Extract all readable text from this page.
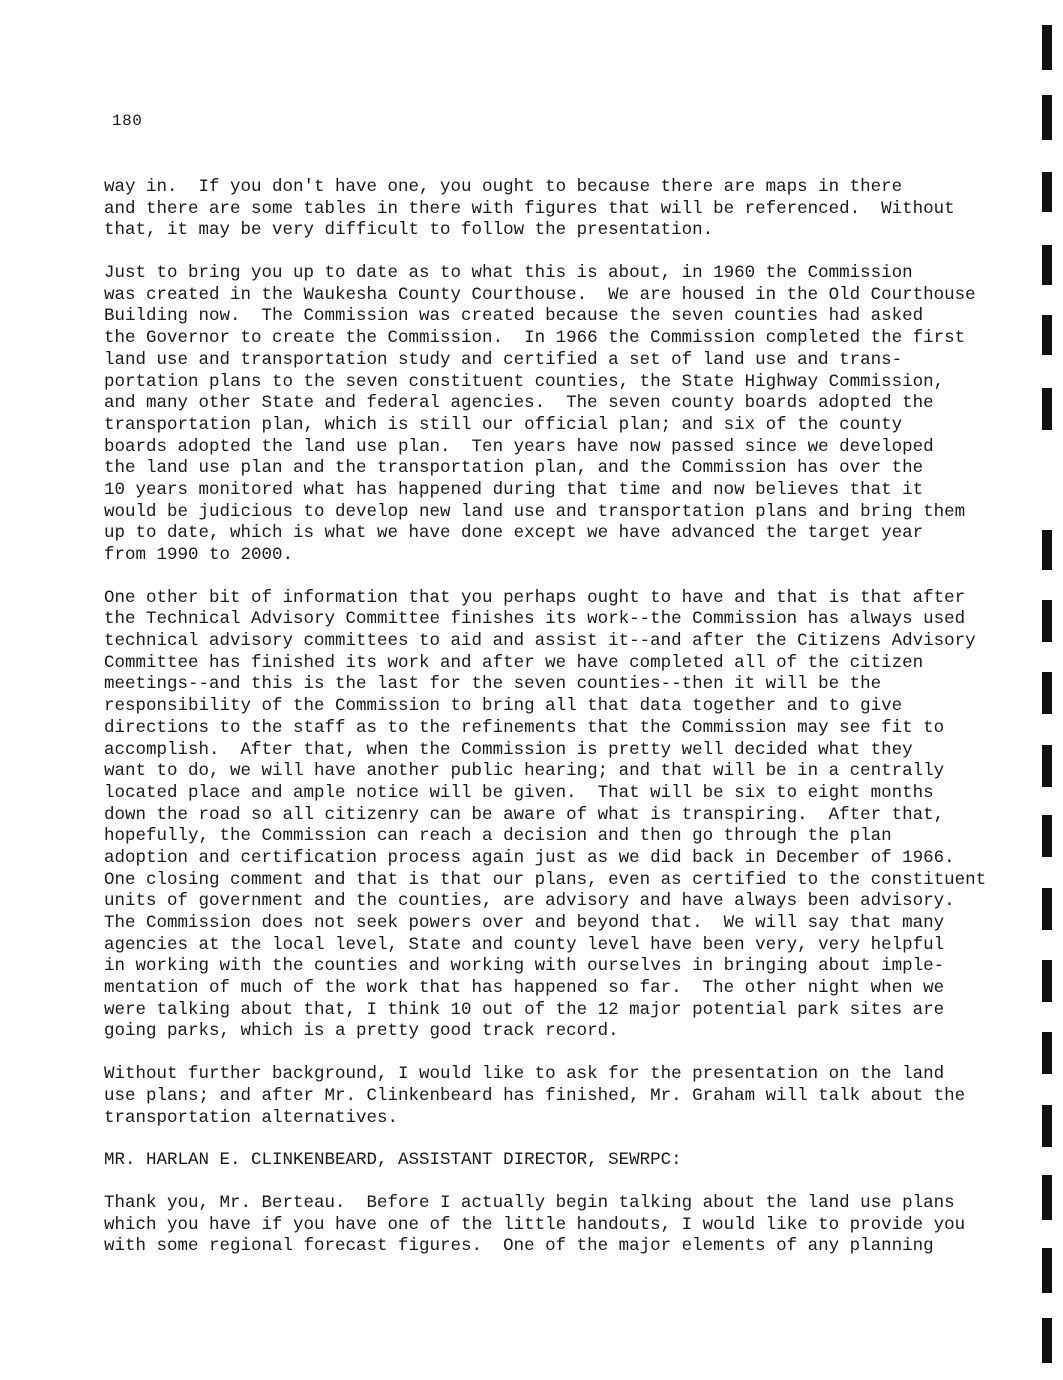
180
way in.  If you don't have one, you ought to because there are maps in there
and there are some tables in there with figures that will be referenced.  Without
that, it may be very difficult to follow the presentation.
Just to bring you up to date as to what this is about, in 1960 the Commission
was created in the Waukesha County Courthouse.  We are housed in the Old Courthouse
Building now.  The Commission was created because the seven counties had asked
the Governor to create the Commission.  In 1966 the Commission completed the first
land use and transportation study and certified a set of land use and trans-
portation plans to the seven constituent counties, the State Highway Commission,
and many other State and federal agencies.  The seven county boards adopted the
transportation plan, which is still our official plan; and six of the county
boards adopted the land use plan.  Ten years have now passed since we developed
the land use plan and the transportation plan, and the Commission has over the
10 years monitored what has happened during that time and now believes that it
would be judicious to develop new land use and transportation plans and bring them
up to date, which is what we have done except we have advanced the target year
from 1990 to 2000.
One other bit of information that you perhaps ought to have and that is that after
the Technical Advisory Committee finishes its work--the Commission has always used
technical advisory committees to aid and assist it--and after the Citizens Advisory
Committee has finished its work and after we have completed all of the citizen
meetings--and this is the last for the seven counties--then it will be the
responsibility of the Commission to bring all that data together and to give
directions to the staff as to the refinements that the Commission may see fit to
accomplish.  After that, when the Commission is pretty well decided what they
want to do, we will have another public hearing; and that will be in a centrally
located place and ample notice will be given.  That will be six to eight months
down the road so all citizenry can be aware of what is transpiring.  After that,
hopefully, the Commission can reach a decision and then go through the plan
adoption and certification process again just as we did back in December of 1966.
One closing comment and that is that our plans, even as certified to the constituent
units of government and the counties, are advisory and have always been advisory.
The Commission does not seek powers over and beyond that.  We will say that many
agencies at the local level, State and county level have been very, very helpful
in working with the counties and working with ourselves in bringing about imple-
mentation of much of the work that has happened so far.  The other night when we
were talking about that, I think 10 out of the 12 major potential park sites are
going parks, which is a pretty good track record.
Without further background, I would like to ask for the presentation on the land
use plans; and after Mr. Clinkenbeard has finished, Mr. Graham will talk about the
transportation alternatives.
MR. HARLAN E. CLINKENBEARD, ASSISTANT DIRECTOR, SEWRPC:
Thank you, Mr. Berteau.  Before I actually begin talking about the land use plans
which you have if you have one of the little handouts, I would like to provide you
with some regional forecast figures.  One of the major elements of any planning
